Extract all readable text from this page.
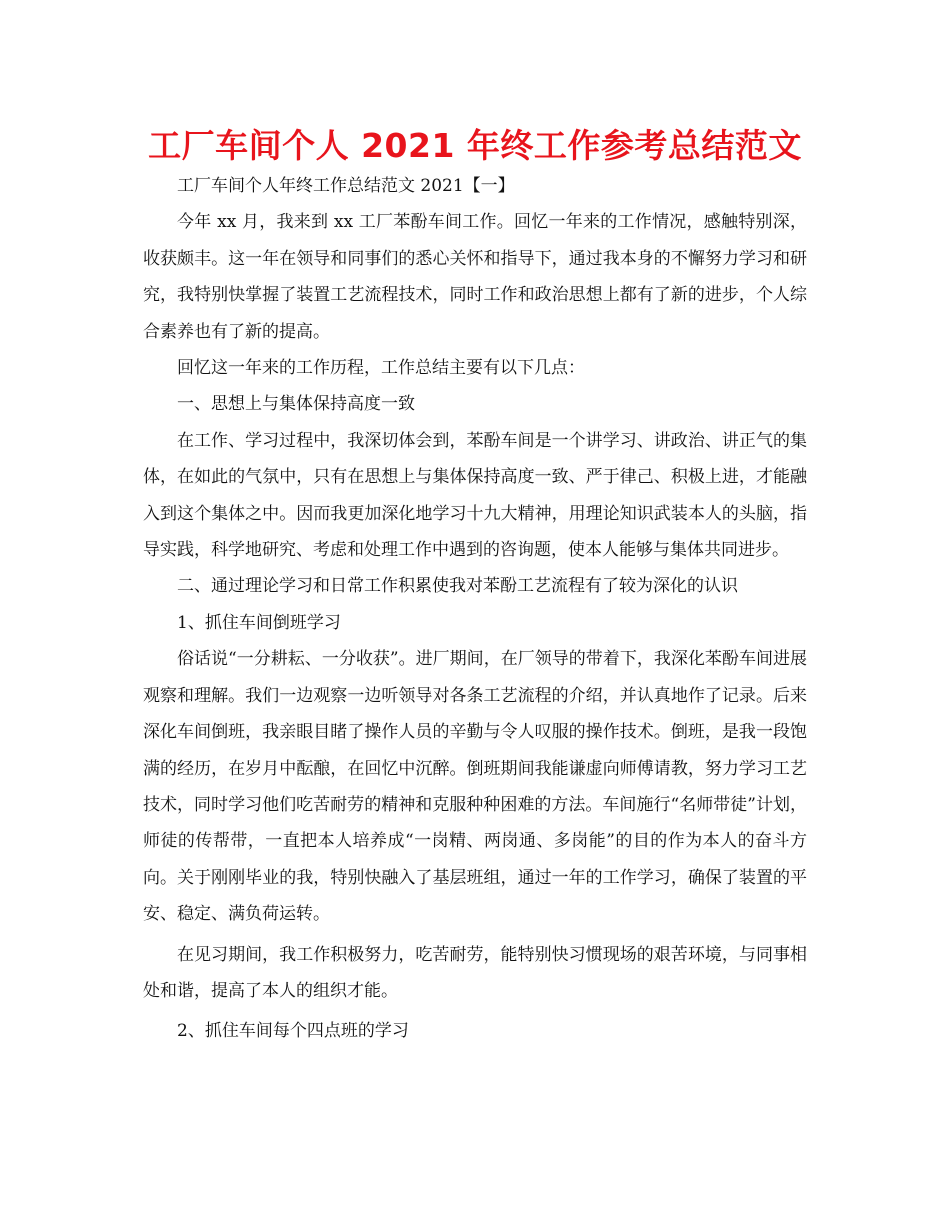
工厂车间个人 2021 年终工作参考总结范文

工厂车间个人年终工作总结范文 2021【一】

今年 xx 月，我来到 xx 工厂苯酚车间工作。回忆一年来的工作情况，感触特别深，收获颇丰。这一年在领导和同事们的悉心关怀和指导下，通过我本身的不懈努力学习和研究，我特别快掌握了装置工艺流程技术，同时工作和政治思想上都有了新的进步，个人综合素养也有了新的提高。

回忆这一年来的工作历程，工作总结主要有以下几点：

一、思想上与集体保持高度一致

在工作、学习过程中，我深切体会到，苯酚车间是一个讲学习、讲政治、讲正气的集体，在如此的气氛中，只有在思想上与集体保持高度一致、严于律己、积极上进，才能融入到这个集体之中。因而我更加深化地学习十九大精神，用理论知识武装本人的头脑，指导实践，科学地研究、考虑和处理工作中遇到的咨询题，使本人能够与集体共同进步。

二、通过理论学习和日常工作积累使我对苯酚工艺流程有了较为深化的认识

1、抓住车间倒班学习

俗话说“一分耕耘、一分收获”。进厂期间，在厂领导的带着下，我深化苯酚车间进展观察和理解。我们一边观察一边听领导对各条工艺流程的介绍，并认真地作了记录。后来深化车间倒班，我亲眼目睹了操作人员的辛勤与令人叹服的操作技术。倒班，是我一段饱满的经历，在岁月中酝酿，在回忆中沉醉。倒班期间我能谦虚向师傅请教，努力学习工艺技术，同时学习他们吃苦耐劳的精神和克服种种困难的方法。车间施行“名师带徒”计划，师徒的传帮带，一直把本人培养成“一岗精、两岗通、多岗能”的目的作为本人的奋斗方向。关于刚刚毕业的我，特别快融入了基层班组，通过一年的工作学习，确保了装置的平安、稳定、满负荷运转。

在见习期间，我工作积极努力，吃苦耐劳，能特别快习惯现场的艰苦环境，与同事相处和谐，提高了本人的组织才能。

2、抓住车间每个四点班的学习
